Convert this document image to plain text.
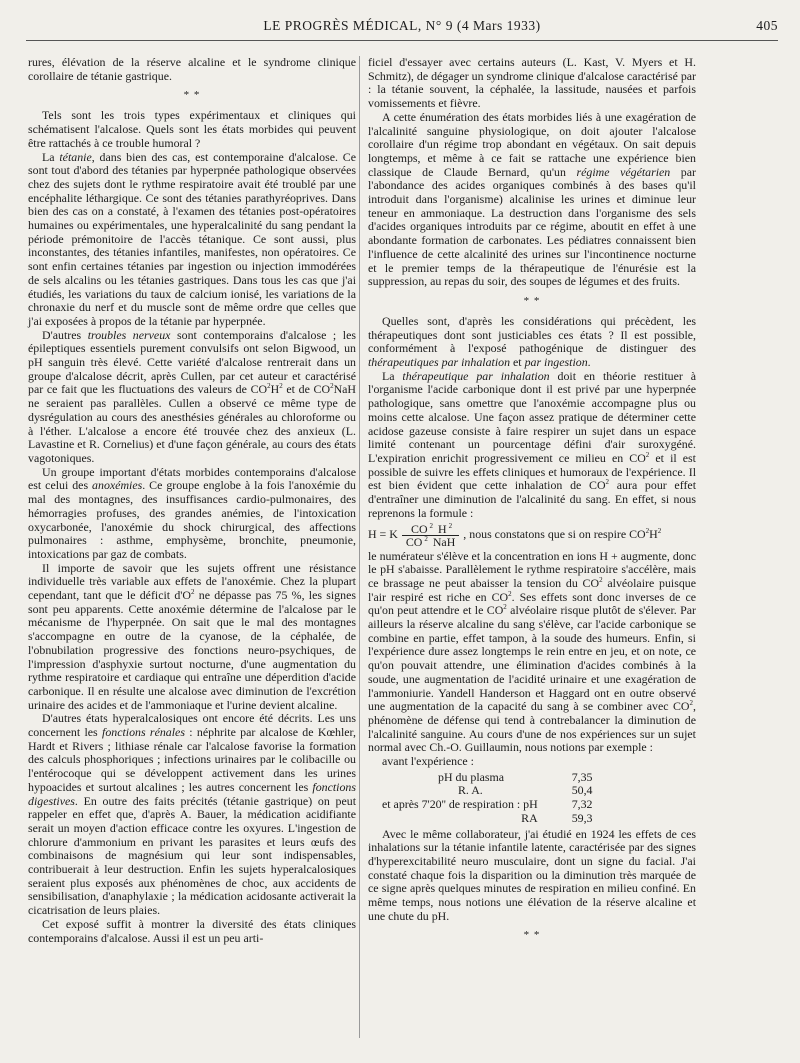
LE PROGRÈS MÉDICAL, N° 9 (4 Mars 1933)	405

rures, élévation de la réserve alcaline et le syndrome clinique corollaire de tétanie gastrique.

* *

Tels sont les trois types expérimentaux et cliniques qui schématisent l'alcalose. Quels sont les états morbides qui peuvent être rattachés à ce trouble humoral ?

La tétanie, dans bien des cas, est contemporaine d'alcalose. Ce sont tout d'abord des tétanies par hyperpnée pathologique observées chez des sujets dont le rythme respiratoire avait été troublé par une encéphalite léthargique. Ce sont des tétanies parathyréoprives. Dans bien des cas on a constaté, à l'examen des tétanies post-opératoires humaines ou expérimentales, une hyperalcalinité du sang pendant la période prémonitoire de l'accès tétanique. Ce sont aussi, plus inconstantes, des tétanies infantiles, manifestes, non opératoires. Ce sont enfin certaines tétanies par ingestion ou injection immodérées de sels alcalins ou les tétanies gastriques. Dans tous les cas que j'ai étudiés, les variations du taux de calcium ionisé, les variations de la chronaxie du nerf et du muscle sont de même ordre que celles que j'ai exposées à propos de la tétanie par hyperpnée.

D'autres troubles nerveux sont contemporains d'alcalose ; les épileptiques essentiels purement convulsifs ont selon Bigwood, un pH sanguin très élevé. Cette variété d'alcalose rentrerait dans un groupe d'alcalose décrit, après Cullen, par cet auteur et caractérisé par ce fait que les fluctuations des valeurs de $CO^2H^2$ et de $CO^2NaH$ ne seraient pas parallèles. Cullen a observé ce même type de dysrégulation au cours des anesthésies générales au chloroforme ou à l'éther. L'alcalose a encore été trouvée chez des anxieux (L. Lavastine et R. Cornelius) et d'une façon générale, au cours des états vagotoniques.

Un groupe important d'états morbides contemporains d'alcalose est celui des anoxémies. Ce groupe englobe à la fois l'anoxémie du mal des montagnes, des insuffisances cardio-pulmonaires, des hémorragies profuses, des grandes anémies, de l'intoxication oxycarbonée, l'anoxémie du shock chirurgical, des affections pulmonaires : asthme, emphysème, bronchite, pneumonie, intoxications par gaz de combats.

Il importe de savoir que les sujets offrent une résistance individuelle très variable aux effets de l'anoxémie. Chez la plupart cependant, tant que le déficit $d'O^2$ ne dépasse pas 75 %, les signes sont peu apparents. Cette anoxémie détermine de l'alcalose par le mécanisme de l'hyperpnée. On sait que le mal des montagnes s'accompagne en outre de la cyanose, de la céphalée, de l'obnubilation progressive des fonctions neuro-psychiques, de l'impression d'asphyxie surtout nocturne, d'une augmentation du rythme respiratoire et cardiaque qui entraîne une déperdition d'acide carbonique. Il en résulte une alcalose avec diminution de l'excrétion urinaire des acides et de l'ammoniaque et l'urine devient alcaline.

D'autres états hyperalcalosiques ont encore été décrits. Les uns concernent les fonctions rénales : néphrite par alcalose de Kœhler, Hardt et Rivers ; lithiase rénale car l'alcalose favorise la formation des calculs phosphoriques ; infections urinaires par le colibacille ou l'entérocoque qui se développent activement dans les urines hypoacides et surtout alcalines ; les autres concernent les fonctions digestives. En outre des faits précités (tétanie gastrique) on peut rappeler en effet que, d'après A. Bauer, la médication acidifiante serait un moyen d'action efficace contre les oxyures. L'ingestion de chlorure d'ammonium en privant les parasites et leurs œufs des combinaisons de magnésium qui leur sont indispensables, contribuerait à leur destruction. Enfin les sujets hyperalcalosiques seraient plus exposés aux phénomènes de choc, aux accidents de sensibilisation, d'anaphylaxie ; la médication acidosante activerait la cicatrisation de leurs plaies.

Cet exposé suffit à montrer la diversité des états cliniques contemporains d'alcalose. Aussi il est un peu arti-

ficiel d'essayer avec certains auteurs (L. Kast, V. Myers et H. Schmitz), de dégager un syndrome clinique d'alcalose caractérisé par : la tétanie souvent, la céphalée, la lassitude, nausées et parfois vomissements et fièvre.

A cette énumération des états morbides liés à une exagération de l'alcalinité sanguine physiologique, on doit ajouter l'alcalose corollaire d'un régime trop abondant en végétaux. On sait depuis longtemps, et même à ce fait se rattache une expérience bien classique de Claude Bernard, qu'un régime végétarien par l'abondance des acides organiques combinés à des bases qu'il introduit dans l'organisme) alcalinise les urines et diminue leur teneur en ammoniaque. La destruction dans l'organisme des sels d'acides organiques introduits par ce régime, aboutit en effet à une abondante formation de carbonates. Les pédiatres connaissent bien l'influence de cette alcalinité des urines sur l'incontinence nocturne et le premier temps de la thérapeutique de l'énurésie est la suppression, au repas du soir, des soupes de légumes et des fruits.

* *

Quelles sont, d'après les considérations qui précèdent, les thérapeutiques dont sont justiciables ces états ? Il est possible, conformément à l'exposé pathogénique de distinguer des thérapeutiques par inhalation et par ingestion.

La thérapeutique par inhalation doit en théorie restituer à l'organisme l'acide carbonique dont il est privé par une hyperpnée pathologique, sans omettre que l'anoxémie accompagne plus ou moins cette alcalose. Une façon assez pratique de déterminer cette acidose gazeuse consiste à faire respirer un sujet dans un espace limité contenant un pourcentage défini d'air suroxygéné. L'expiration enrichit progressivement ce milieu en $CO^2$ et il est possible de suivre les effets cliniques et humoraux de l'expérience. Il est bien évident que cette inhalation de $CO^2$ aura pour effet d'entraîner une diminution de l'alcalinité du sang. En effet, si nous reprenons la formule :

H = K $\frac{CO ^2 H ^2}{CO ^2 NaH}$ , nous constatons que si on respire $CO^2H^2$

le numérateur s'élève et la concentration en ions H + augmente, donc le pH s'abaisse. Parallèlement le rythme respiratoire s'accélère, mais ce brassage ne peut abaisser la tension du $CO^2$ alvéolaire puisque l'air respiré est riche en $CO^2$. Ses effets sont donc inverses de ce qu'on peut attendre et le $CO^2$ alvéolaire risque plutôt de s'élever. Par ailleurs la réserve alcaline du sang s'élève, car l'acide carbonique se combine en partie, effet tampon, à la soude des humeurs. Enfin, si l'expérience dure assez longtemps le rein entre en jeu, et on note, ce qu'on pouvait attendre, une élimination d'acides combinés à la soude, une augmentation de l'acidité urinaire et une exagération de l'ammoniurie. Yandell Handerson et Haggard ont en outre observé une augmentation de la capacité du sang à se combiner avec $CO^2$, phénomène de défense qui tend à contrebalancer la diminution de l'alcalinité sanguine. Au cours d'une de nos expériences sur un sujet normal avec Ch.-O. Guillaumin, nous notions par exemple :

avant l'expérience :

pH du plasma	7,35
R. A.	50,4
et après 7'20'' de respiration : pH	7,32
RA	59,3

Avec le même collaborateur, j'ai étudié en 1924 les effets de ces inhalations sur la tétanie infantile latente, caractérisée par des signes d'hyperexcitabilité neuro musculaire, dont un signe du facial. J'ai constaté chaque fois la disparition ou la diminution très marquée de ce signe après quelques minutes de respiration en milieu confiné. En même temps, nous notions une élévation de la réserve alcaline et une chute du pH.

* *
